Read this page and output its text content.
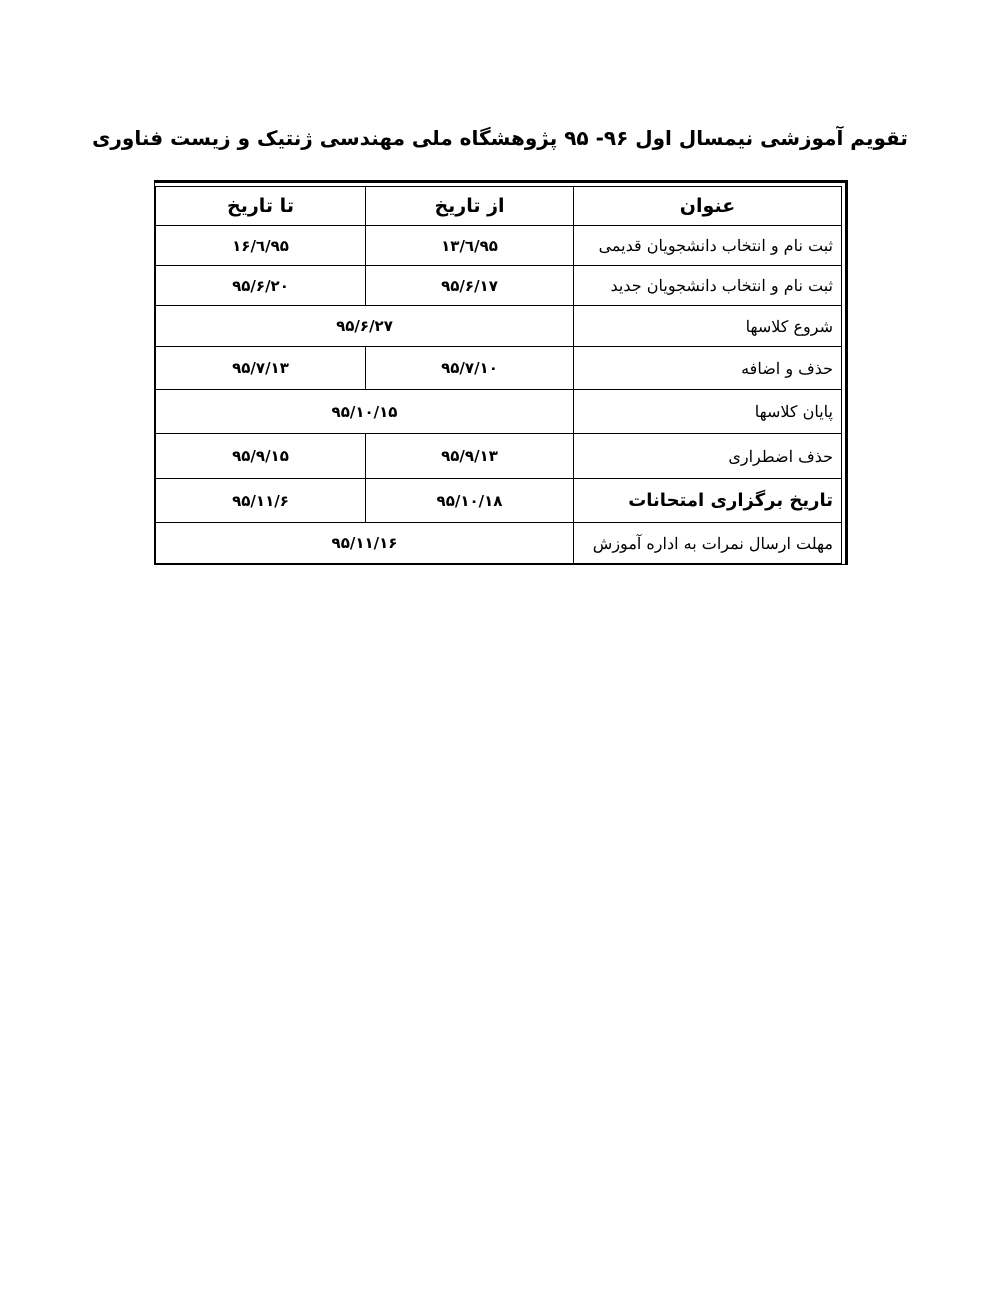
تقویم آموزشی نیمسال اول ۹۶- ۹۵ پژوهشگاه ملی مهندسی ژنتیک و زیست فناوری
عنوان	از تاریخ	تا تاریخ
ثبت نام و انتخاب دانشجویان قدیمی	۹۵/٦/۱۳	۹۵/٦/۱۶
ثبت نام و انتخاب دانشجویان جدید	۹۵/۶/۱۷	۹۵/۶/۲۰
شروع کلاسها	۹۵/۶/۲۷	
حذف و اضافه	۹۵/۷/۱۰	۹۵/۷/۱۳
پایان کلاسها	۹۵/۱۰/۱۵	
حذف اضطراری	۹۵/۹/۱۳	۹۵/۹/۱۵
تاریخ برگزاری امتحانات	۹۵/۱۰/۱۸	۹۵/۱۱/۶
مهلت ارسال نمرات به اداره آموزش	۹۵/۱۱/۱۶	
